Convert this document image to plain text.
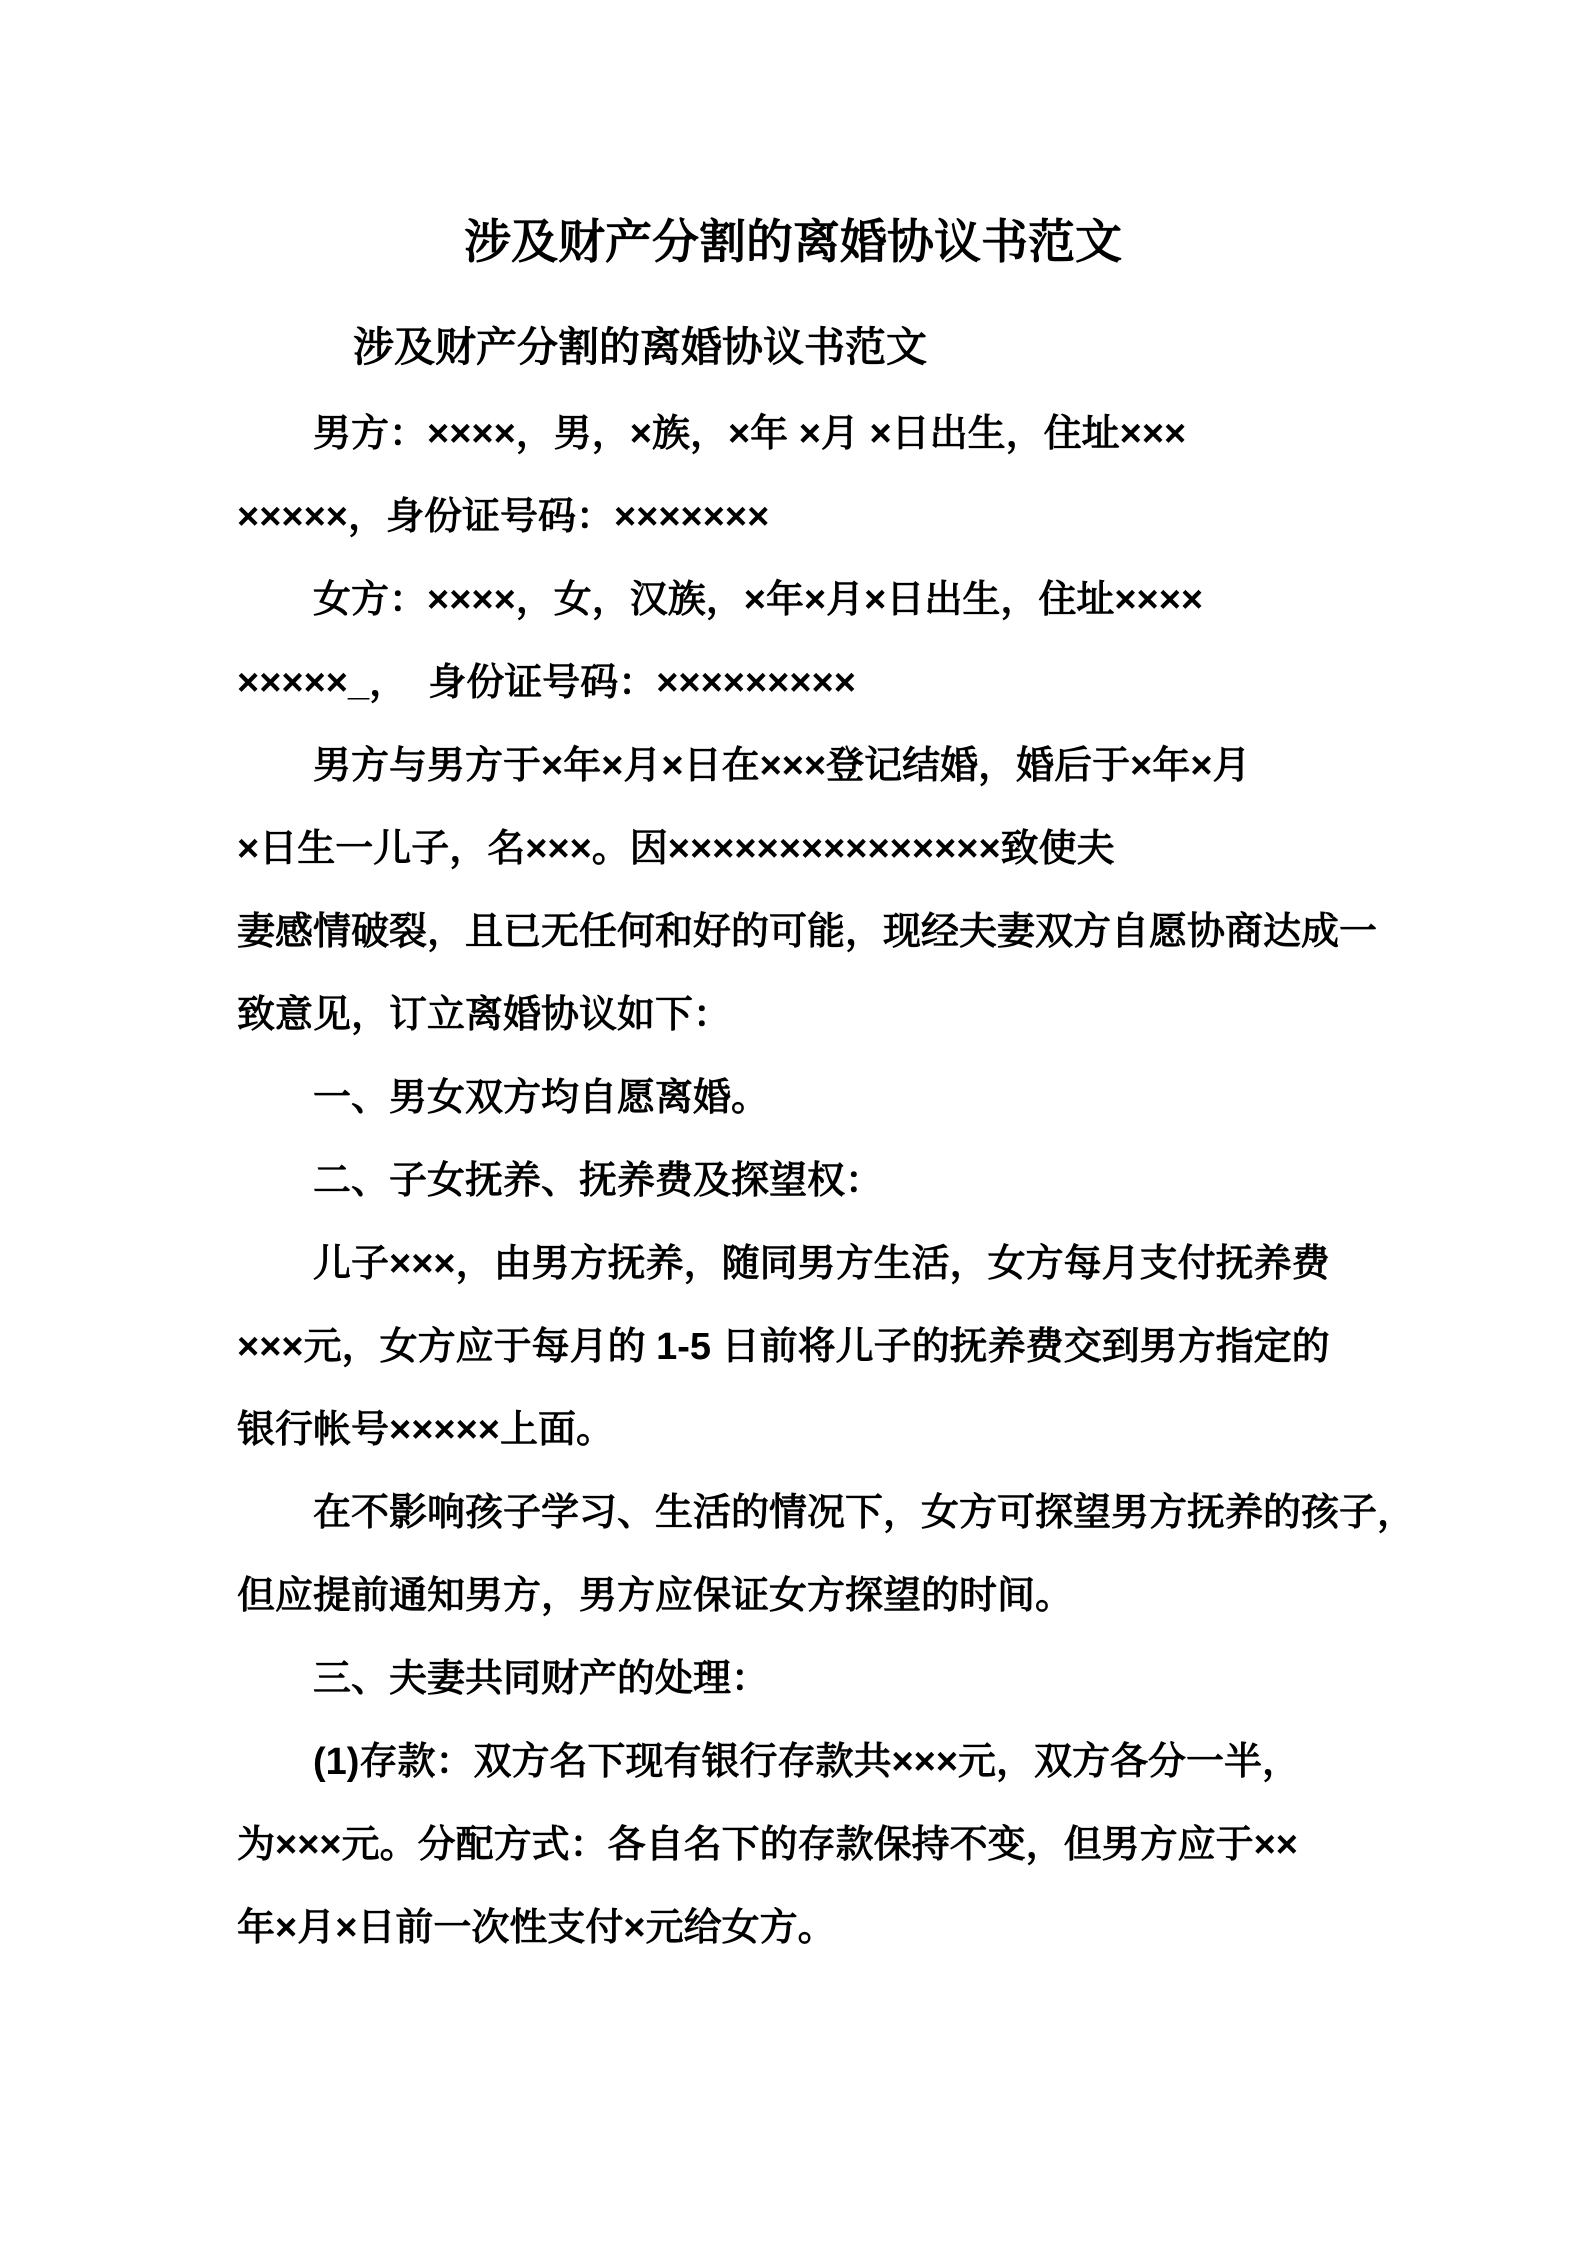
涉及财产分割的离婚协议书范文
涉及财产分割的离婚协议书范文
男方：××××，男，×族，×年 ×月 ×日出生，住址×××
×××××，身份证号码：×××××××
女方：××××，女，汉族，×年×月×日出生，住址××××
×××××_，  身份证号码：×××××××××
男方与男方于×年×月×日在×××登记结婚，婚后于×年×月
×日生一儿子，名×××。因×××××××××××××××致使夫
妻感情破裂，且已无任何和好的可能，现经夫妻双方自愿协商达成一
致意见，订立离婚协议如下：
一、男女双方均自愿离婚。
二、子女抚养、抚养费及探望权：
儿子×××，由男方抚养，随同男方生活，女方每月支付抚养费
×××元，女方应于每月的 1-5 日前将儿子的抚养费交到男方指定的
银行帐号×××××上面。
在不影响孩子学习、生活的情况下，女方可探望男方抚养的孩子，
但应提前通知男方，男方应保证女方探望的时间。
三、夫妻共同财产的处理：
(1)存款：双方名下现有银行存款共×××元，双方各分一半，
为×××元。分配方式：各自名下的存款保持不变，但男方应于××
年×月×日前一次性支付×元给女方。
